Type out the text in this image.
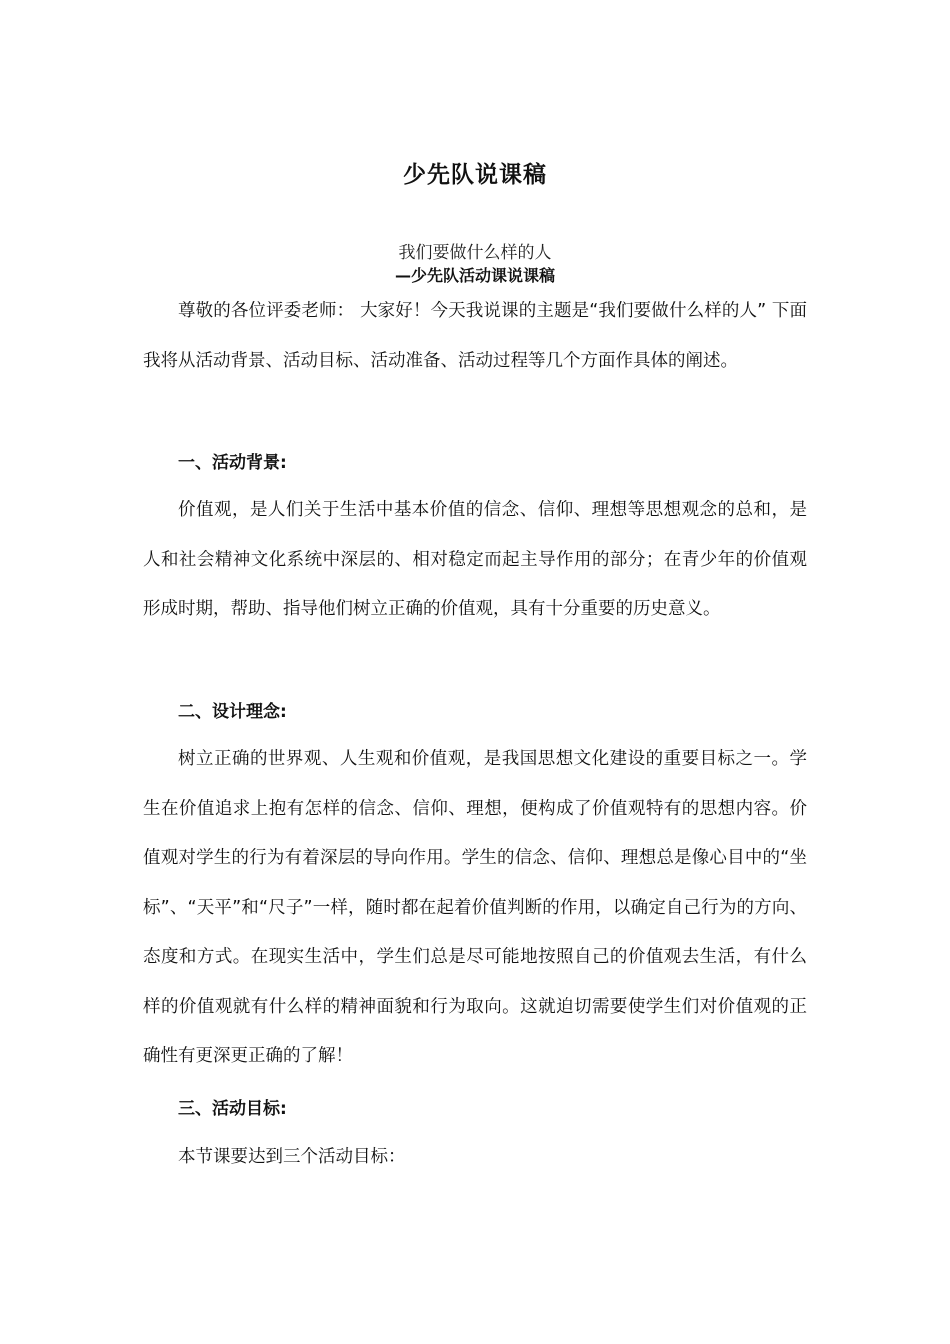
少先队说课稿
我们要做什么样的人
—少先队活动课说课稿

尊敬的各位评委老师： 大家好！今天我说课的主题是“我们要做什么样的人” 下面我将从活动背景、活动目标、活动准备、活动过程等几个方面作具体的阐述。

一、活动背景:

价值观，是人们关于生活中基本价值的信念、信仰、理想等思想观念的总和，是人和社会精神文化系统中深层的、相对稳定而起主导作用的部分；在青少年的价值观形成时期，帮助、指导他们树立正确的价值观，具有十分重要的历史意义。

二、设计理念:

树立正确的世界观、人生观和价值观，是我国思想文化建设的重要目标之一。学生在价值追求上抱有怎样的信念、信仰、理想，便构成了价值观特有的思想内容。价值观对学生的行为有着深层的导向作用。学生的信念、信仰、理想总是像心目中的“坐标”、“天平”和“尺子”一样，随时都在起着价值判断的作用，以确定自己行为的方向、态度和方式。在现实生活中，学生们总是尽可能地按照自己的价值观去生活，有什么样的价值观就有什么样的精神面貌和行为取向。这就迫切需要使学生们对价值观的正确性有更深更正确的了解！

三、活动目标:

本节课要达到三个活动目标：
